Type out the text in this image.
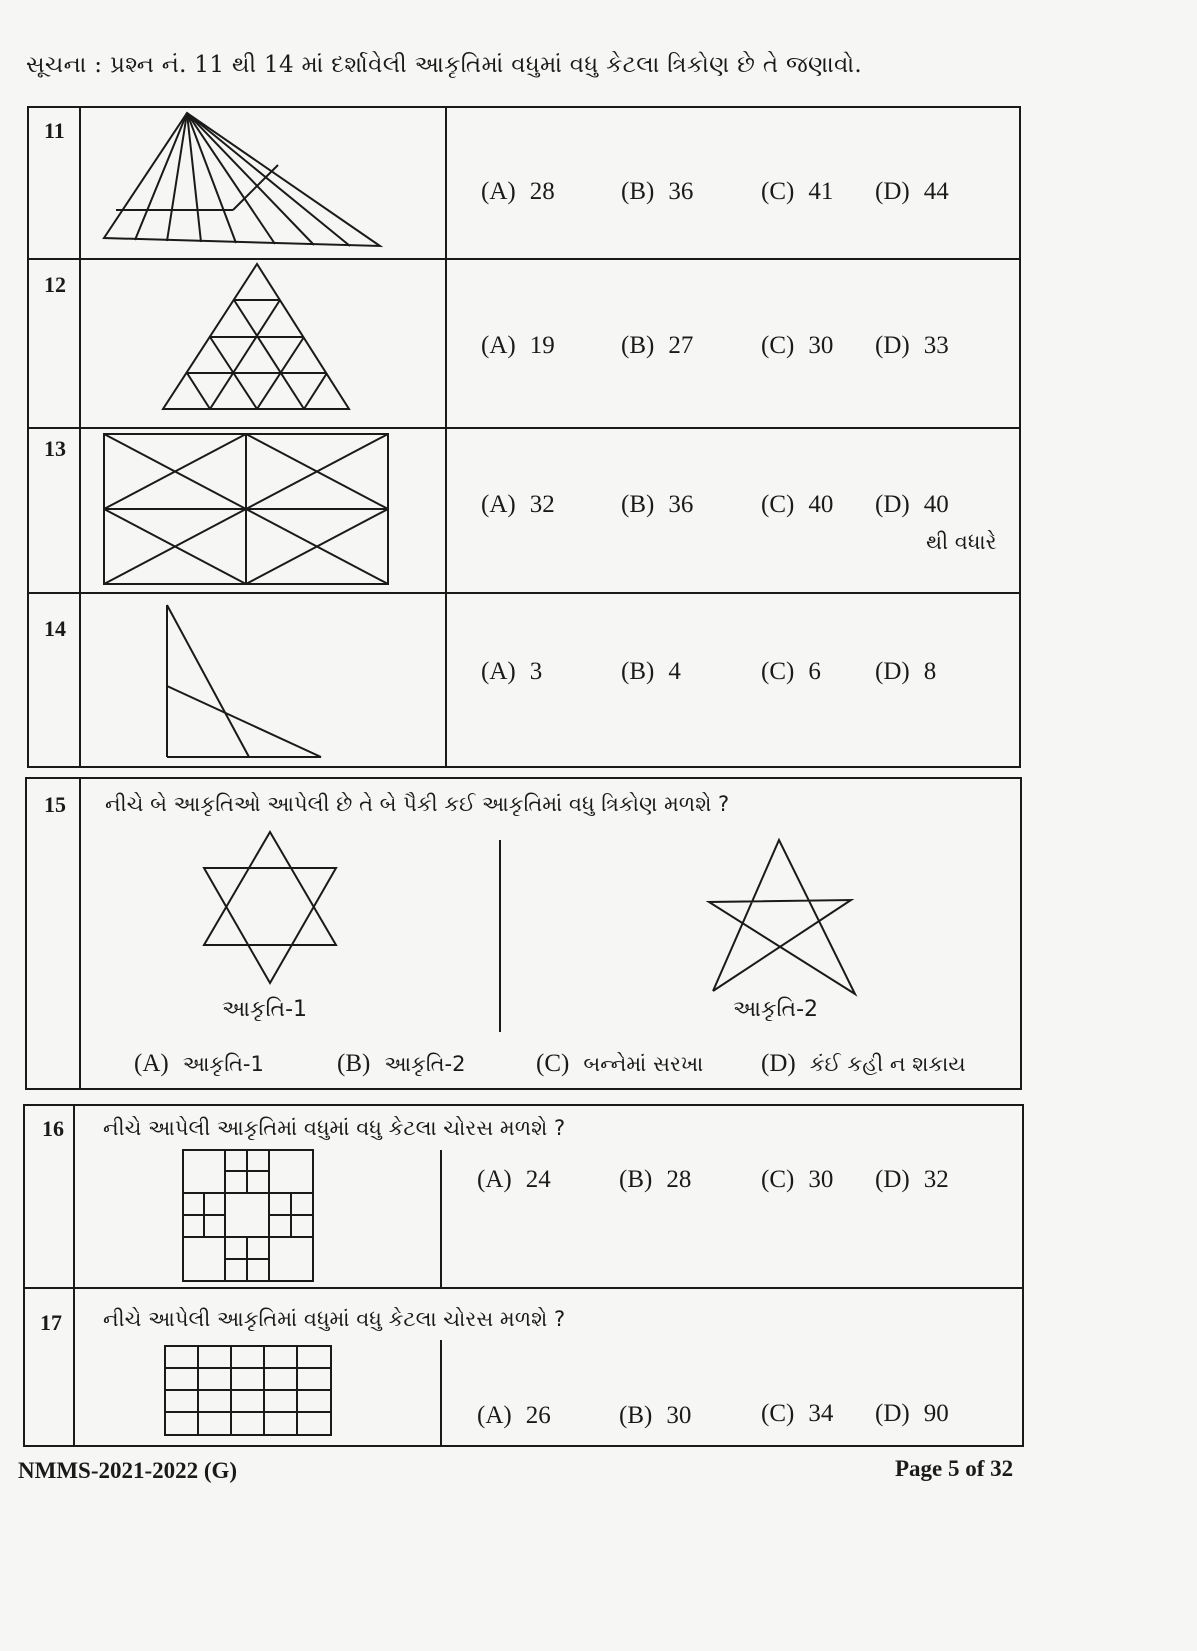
સૂચના : પ્રશ્ન નં. 11 થી 14 માં દર્શાવેલી આકૃતિમાં વધુમાં વધુ કેટલા ત્રિકોણ છે તે જણાવો.
11
(A) 28	(B) 36	(C) 41 (D) 44
12
(A) 19	(B) 27	(C) 30 (D) 33
13
(A) 32	(B) 36	(C) 40 (D) 40
થી વધારે
14
(A) 3	(B) 4	(C) 6 (D) 8
15 નીચે બે આકૃતિઓ આપેલી છે તે બે પૈકી કઈ આકૃતિમાં વધુ ત્રિકોણ મળશે ?
આકૃતિ-1	આકૃતિ-2
(A) આકૃતિ-1	(B) આકૃતિ-2	(C) બન્નેમાં સરખા (D) કંઈ કહી ન શકાય
16 નીચે આપેલી આકૃતિમાં વધુમાં વધુ કેટલા ચોરસ મળશે ?
(A) 24	(B) 28	(C) 30 (D) 32
17 નીચે આપેલી આકૃતિમાં વધુમાં વધુ કેટલા ચોરસ મળશે ?
(A) 26	(B) 30	(C) 34 (D) 90
NMMS-2021-2022 (G)	Page 5 of 32
